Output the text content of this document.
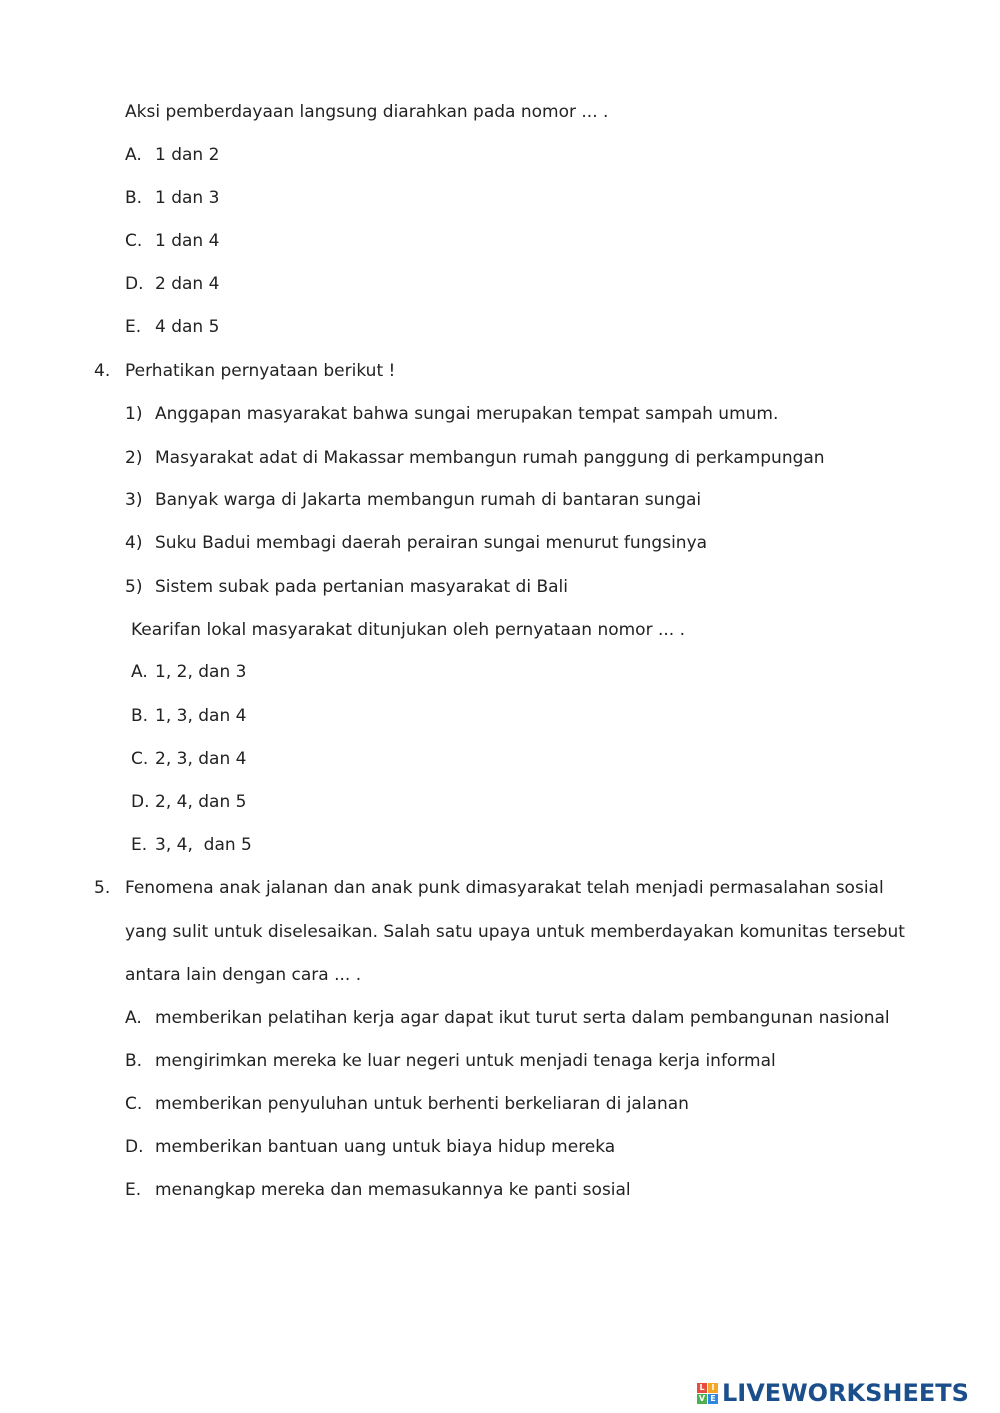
Aksi pemberdayaan langsung diarahkan pada nomor ... .
A. 1 dan 2
B. 1 dan 3
C. 1 dan 4
D. 2 dan 4
E. 4 dan 5
4. Perhatikan pernyataan berikut !
1) Anggapan masyarakat bahwa sungai merupakan tempat sampah umum.
2) Masyarakat adat di Makassar membangun rumah panggung di perkampungan
3) Banyak warga di Jakarta membangun rumah di bantaran sungai
4) Suku Badui membagi daerah perairan sungai menurut fungsinya
5) Sistem subak pada pertanian masyarakat di Bali
Kearifan lokal masyarakat ditunjukan oleh pernyataan nomor ... .
A. 1, 2, dan 3
B. 1, 3, dan 4
C. 2, 3, dan 4
D. 2, 4, dan 5
E. 3, 4,  dan 5
5. Fenomena anak jalanan dan anak punk dimasyarakat telah menjadi permasalahan sosial
yang sulit untuk diselesaikan. Salah satu upaya untuk memberdayakan komunitas tersebut
antara lain dengan cara ... .
A. memberikan pelatihan kerja agar dapat ikut turut serta dalam pembangunan nasional
B. mengirimkan mereka ke luar negeri untuk menjadi tenaga kerja informal
C. memberikan penyuluhan untuk berhenti berkeliaran di jalanan
D. memberikan bantuan uang untuk biaya hidup mereka
E. menangkap mereka dan memasukannya ke panti sosial
L I
V E LIVEWORKSHEETS
